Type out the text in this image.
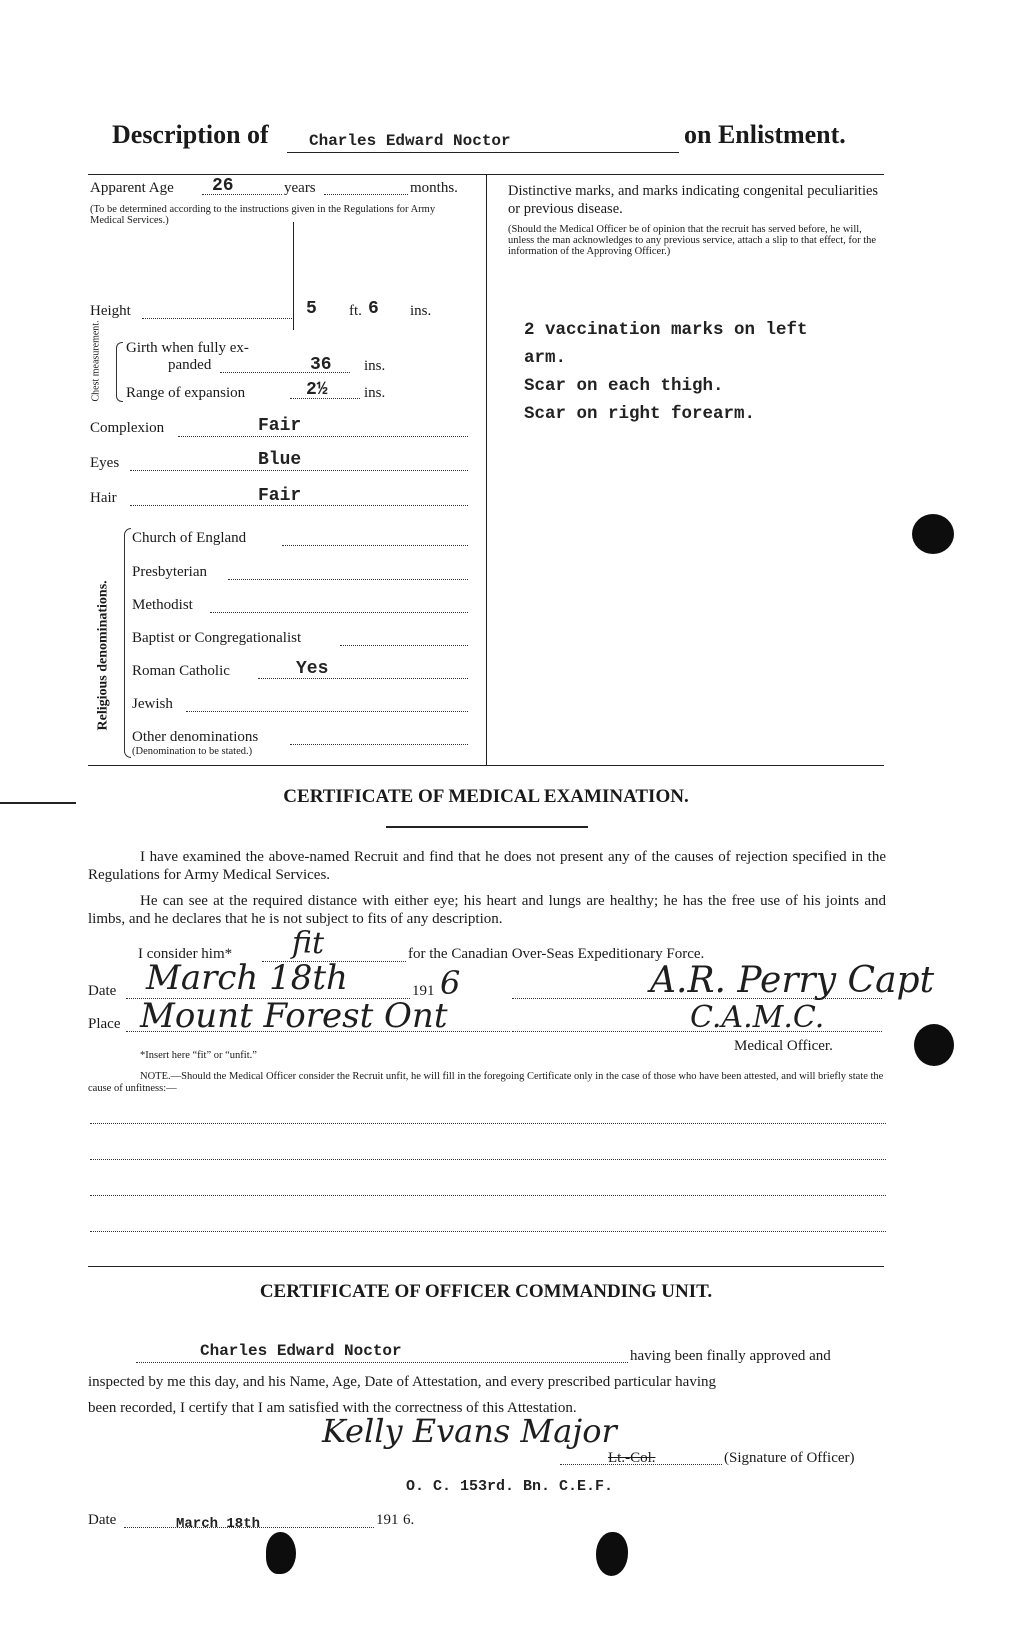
Description of	Charles Edward Noctor	on Enlistment.
Apparent Age 26	years	months.
(To be determined according to the instructions given in the Regulations for Army Medical Services.)
Height	5 ft. 6 ins.
Chest measurement. Girth when fully ex-
panded	36 ins.
Range of expansion	2½ ins.
Complexion	Fair
Eyes	Blue
Hair	Fair
Religious denominations.
Church of England
Presbyterian
Methodist
Baptist or Congregationalist
Roman Catholic	Yes
Jewish
Other denominations
(Denomination to be stated.)
Distinctive marks, and marks indicating congenital peculiarities or previous disease.
(Should the Medical Officer be of opinion that the recruit has served before, he will, unless the man acknowledges to any previous service, attach a slip to that effect, for the information of the Approving Officer.)
2 vaccination marks on left
arm.
Scar on each thigh.
Scar on right forearm.
CERTIFICATE OF MEDICAL EXAMINATION.
I have examined the above-named Recruit and find that he does not present any of the causes of rejection specified in the Regulations for Army Medical Services.
He can see at the required distance with either eye; his heart and lungs are healthy; he has the free use of his joints and limbs, and he declares that he is not subject to fits of any description.
I consider him* fit	for the Canadian Over-Seas Expeditionary Force.
Date March 18th	191 6
Place Mount Forest Ont
A.R. Perry Capt
C.A.M.C.
Medical Officer.
*Insert here “fit” or “unfit.”
NOTE.—Should the Medical Officer consider the Recruit unfit, he will fill in the foregoing Certificate only in the case of those who have been attested, and will briefly state the cause of unfitness:—
CERTIFICATE OF OFFICER COMMANDING UNIT.
Charles Edward Noctor	having been finally approved and
inspected by me this day, and his Name, Age, Date of Attestation, and every prescribed particular having
been recorded, I certify that I am satisfied with the correctness of this Attestation.
Kelly Evans Major
Lt.-Col.	(Signature of Officer)
O. C. 153rd. Bn. C.E.F.
Date	March 18th	191 6.
